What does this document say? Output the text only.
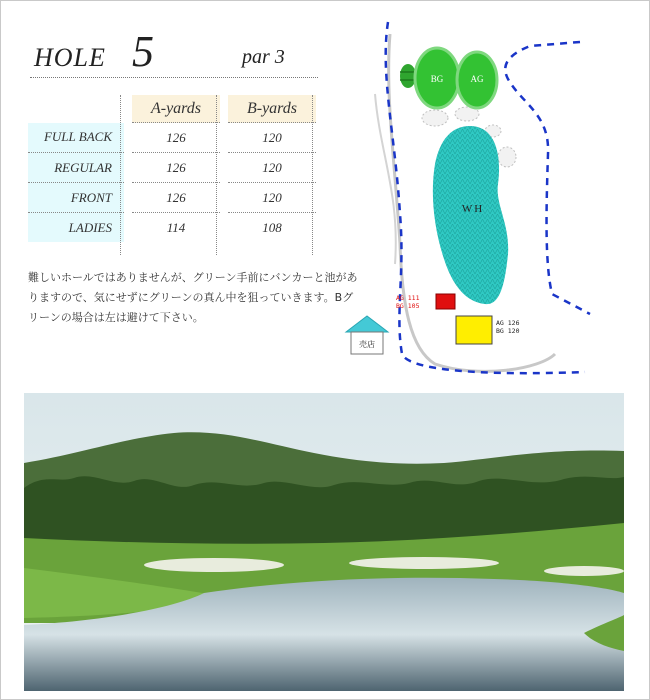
HOLE 5	par 3
		A-yards		B-yards
FULL BACK		126		120
REGULAR		126		120
FRONT		126		120
LADIES		114		108
難しいホールではありませんが、グリーン手前にバンカーと池がありますので、気にせずにグリーンの真ん中を狙っていきます。Bグリーンの場合は左は避けて下さい。
BG	AG
WH
AG 111
BG 105
AG 126
BG 120
売店
